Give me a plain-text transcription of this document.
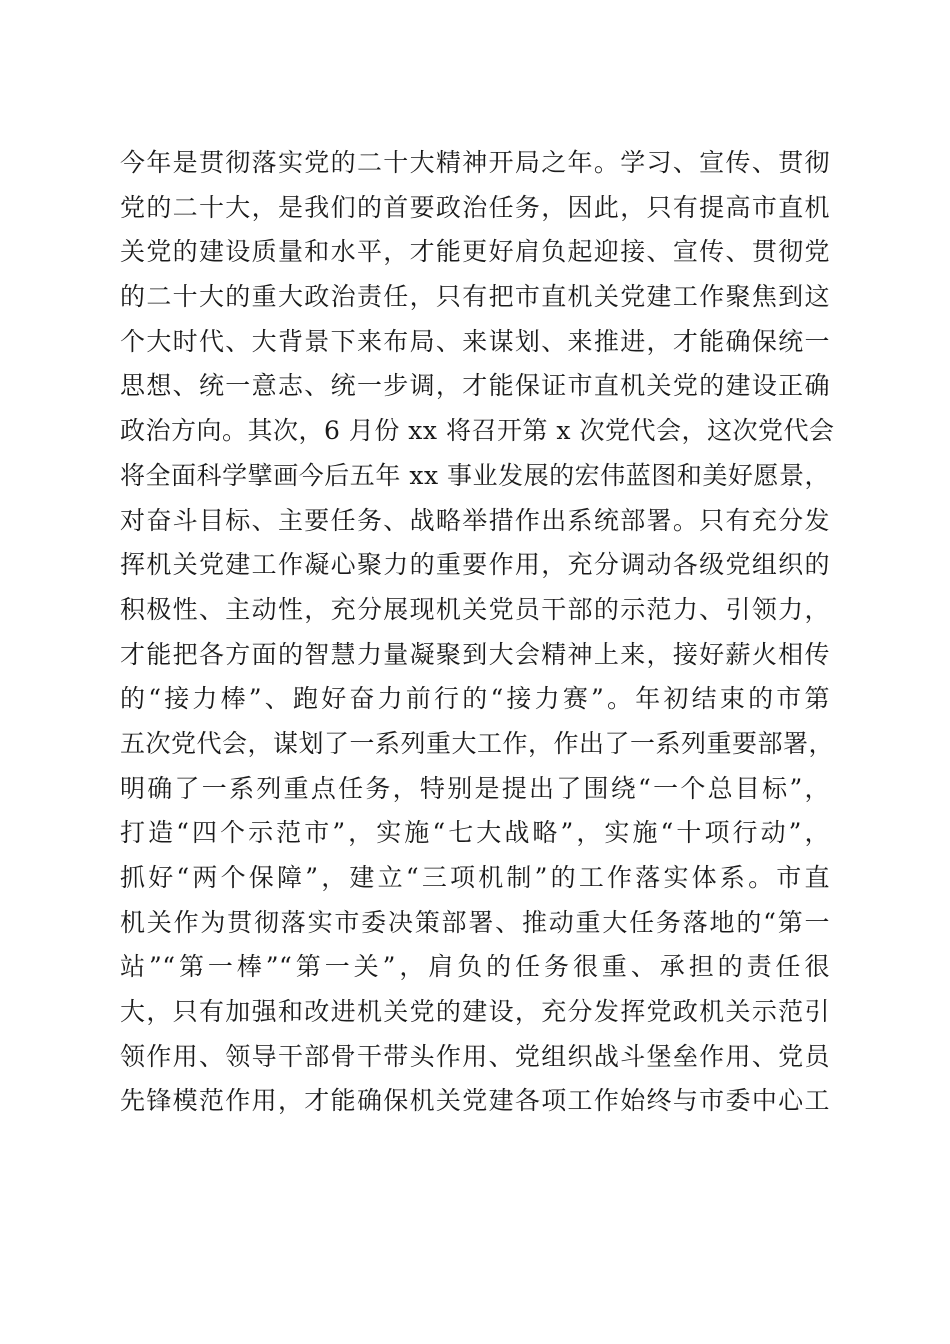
今年是贯彻落实党的二十大精神开局之年。学习、宣传、贯彻
党的二十大，是我们的首要政治任务，因此，只有提高市直机
关党的建设质量和水平，才能更好肩负起迎接、宣传、贯彻党
的二十大的重大政治责任，只有把市直机关党建工作聚焦到这
个大时代、大背景下来布局、来谋划、来推进，才能确保统一
思想、统一意志、统一步调，才能保证市直机关党的建设正确
政治方向。其次，6 月份 xx 将召开第 x 次党代会，这次党代会
将全面科学擘画今后五年 xx 事业发展的宏伟蓝图和美好愿景，
对奋斗目标、主要任务、战略举措作出系统部署。只有充分发
挥机关党建工作凝心聚力的重要作用，充分调动各级党组织的
积极性、主动性，充分展现机关党员干部的示范力、引领力，
才能把各方面的智慧力量凝聚到大会精神上来，接好薪火相传
的“接力棒”、跑好奋力前行的“接力赛”。年初结束的市第
五次党代会，谋划了一系列重大工作，作出了一系列重要部署，
明确了一系列重点任务，特别是提出了围绕“一个总目标”，
打造“四个示范市”，实施“七大战略”，实施“十项行动”，
抓好“两个保障”，建立“三项机制”的工作落实体系。市直
机关作为贯彻落实市委决策部署、推动重大任务落地的“第一
站”“第一棒”“第一关”，肩负的任务很重、承担的责任很
大，只有加强和改进机关党的建设，充分发挥党政机关示范引
领作用、领导干部骨干带头作用、党组织战斗堡垒作用、党员
先锋模范作用，才能确保机关党建各项工作始终与市委中心工
